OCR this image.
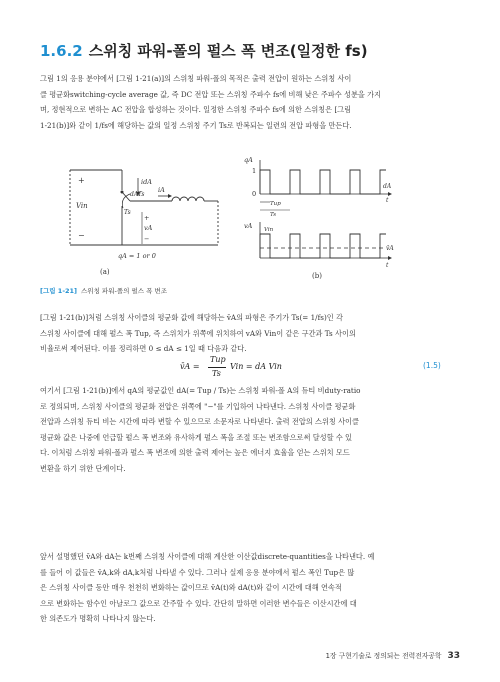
1.6.2 스위칭 파워-폴의 펄스 폭 변조(일정한 fs)
그림 1의 응용 분야에서 [그림 1-21(a)]의 스위칭 파워-폴의 목적은 출력 전압이 원하는 스위칭 사이
클 평균화switching-cycle average 값, 즉 DC 전압 또는 스위칭 주파수 fs에 비해 낮은 주파수 성분을 가지
며, 정현적으로 변하는 AC 전압을 합성하는 것이다. 일정한 스위칭 주파수 fs에 의한 스위칭은 [그림
1-21(b)]와 같이 1/fs에 해당하는 값의 일정 스위칭 주기 Ts로 반복되는 일련의 전압 파형을 만든다.
+
Vin
−
idA
iA
dATs
Ts
+
vA
−
qA = 1 or 0
(a)
qA
1
0
dA
t
Tup
Ts
vA Vin
v̄A
t
(b)
[그림 1-21] 스위칭 파워-폴의 펄스 폭 변조
[그림 1-21(b)]처럼 스위칭 사이클의 평균화 값에 해당하는 v̄A의 파형은 주기가 Ts(= 1/fs)인 각
스위칭 사이클에 대해 펄스 폭 Tup, 즉 스위치가 위쪽에 위치하여 vA와 Vin이 같은 구간과 Ts 사이의
비율로써 제어된다. 이를 정리하면 0 ≤ dA ≤ 1일 때 다음과 같다.
v̄A =
Tup
Ts
Vin = dA Vin	(1.5)
여기서 [그림 1-21(b)]에서 qA의 평균값인 dA(= Tup / Ts)는 스위칭 파워-폴 A의 듀티 비duty-ratio
로 정의되며, 스위칭 사이클의 평균화 전압은 위쪽에 "−"를 기입하여 나타낸다. 스위칭 사이클 평균화
전압과 스위칭 듀티 비는 시간에 따라 변할 수 있으므로 소문자로 나타낸다. 출력 전압의 스위칭 사이클
평균화 값은 나중에 언급할 펄스 폭 변조와 유사하게 펄스 폭을 조절 또는 변조함으로써 달성할 수 있
다. 이처럼 스위칭 파워-폴과 펄스 폭 변조에 의한 출력 제어는 높은 에너지 효율을 얻는 스위치 모드
변환을 하기 위한 단계이다.
앞서 설명했던 v̄A와 dA는 k번째 스위칭 사이클에 대해 계산한 이산값discrete-quantities을 나타낸다. 예
를 들어 이 값들은 v̄A,k와 dA,k처럼 나타낼 수 있다. 그러나 실제 응용 분야에서 펄스 폭인 Tup은 많
은 스위칭 사이클 동안 매우 천천히 변화하는 값이므로 v̄A(t)와 dA(t)와 같이 시간에 대해 연속적
으로 변화하는 함수인 아날로그 값으로 간주할 수 있다. 간단히 말하면 이러한 변수들은 이산시간에 대
한 의존도가 명확히 나타나지 않는다.
1장 구현기술로 정의되는 전력전자공학 33
